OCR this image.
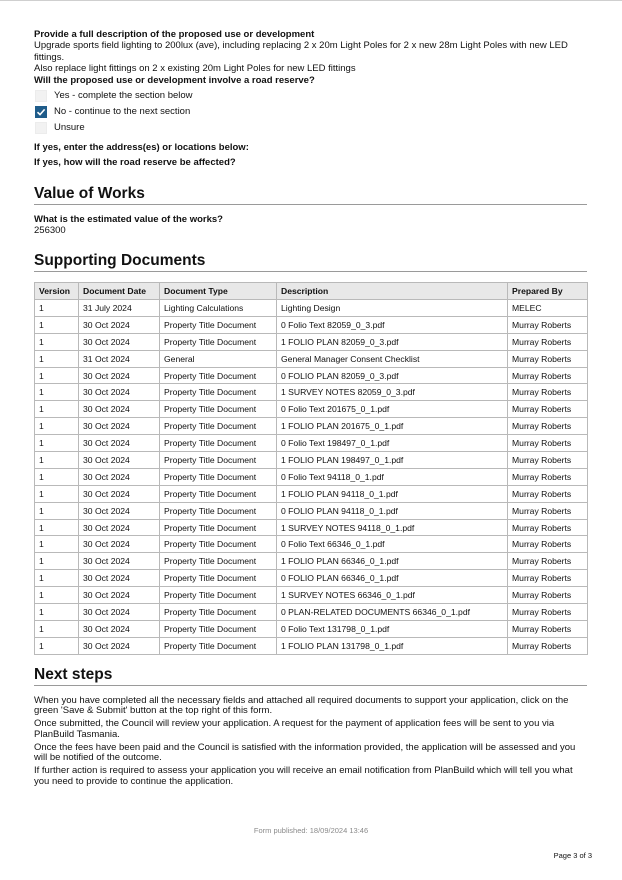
Provide a full description of the proposed use or development
Upgrade sports field lighting to 200lux (ave), including replacing 2 x 20m Light Poles for 2 x new 28m Light Poles with new LED
fittings.
Also replace light fittings on 2 x existing 20m Light Poles for new LED fittings
Will the proposed use or development involve a road reserve?
Yes - complete the section below
No - continue to the next section
Unsure
If yes, enter the address(es) or locations below:
If yes, how will the road reserve be affected?
Value of Works
What is the estimated value of the works?
256300
Supporting Documents
Version	Document Date	Document Type	Description	Prepared By
1	31 July 2024	Lighting Calculations	Lighting Design	MELEC
1	30 Oct 2024	Property Title Document	0 Folio Text 82059_0_3.pdf	Murray Roberts
1	30 Oct 2024	Property Title Document	1 FOLIO PLAN 82059_0_3.pdf	Murray Roberts
1	31 Oct 2024	General	General Manager Consent Checklist	Murray Roberts
1	30 Oct 2024	Property Title Document	0 FOLIO PLAN 82059_0_3.pdf	Murray Roberts
1	30 Oct 2024	Property Title Document	1 SURVEY NOTES 82059_0_3.pdf	Murray Roberts
1	30 Oct 2024	Property Title Document	0 Folio Text 201675_0_1.pdf	Murray Roberts
1	30 Oct 2024	Property Title Document	1 FOLIO PLAN 201675_0_1.pdf	Murray Roberts
1	30 Oct 2024	Property Title Document	0 Folio Text 198497_0_1.pdf	Murray Roberts
1	30 Oct 2024	Property Title Document	1 FOLIO PLAN 198497_0_1.pdf	Murray Roberts
1	30 Oct 2024	Property Title Document	0 Folio Text 94118_0_1.pdf	Murray Roberts
1	30 Oct 2024	Property Title Document	1 FOLIO PLAN 94118_0_1.pdf	Murray Roberts
1	30 Oct 2024	Property Title Document	0 FOLIO PLAN 94118_0_1.pdf	Murray Roberts
1	30 Oct 2024	Property Title Document	1 SURVEY NOTES 94118_0_1.pdf	Murray Roberts
1	30 Oct 2024	Property Title Document	0 Folio Text 66346_0_1.pdf	Murray Roberts
1	30 Oct 2024	Property Title Document	1 FOLIO PLAN 66346_0_1.pdf	Murray Roberts
1	30 Oct 2024	Property Title Document	0 FOLIO PLAN 66346_0_1.pdf	Murray Roberts
1	30 Oct 2024	Property Title Document	1 SURVEY NOTES 66346_0_1.pdf	Murray Roberts
1	30 Oct 2024	Property Title Document	0 PLAN-RELATED DOCUMENTS 66346_0_1.pdf	Murray Roberts
1	30 Oct 2024	Property Title Document	0 Folio Text 131798_0_1.pdf	Murray Roberts
1	30 Oct 2024	Property Title Document	1 FOLIO PLAN 131798_0_1.pdf	Murray Roberts
Next steps

When you have completed all the necessary fields and attached all required documents to support your application, click on the green 'Save & Submit' button at the top right of this form.

Once submitted, the Council will review your application. A request for the payment of application fees will be sent to you via PlanBuild Tasmania.

Once the fees have been paid and the Council is satisfied with the information provided, the application will be assessed and you will be notified of the outcome.

If further action is required to assess your application you will receive an email notification from PlanBuild which will tell you what you need to provide to continue the application.

Form published: 18/09/2024 13:46
Page 3 of 3
